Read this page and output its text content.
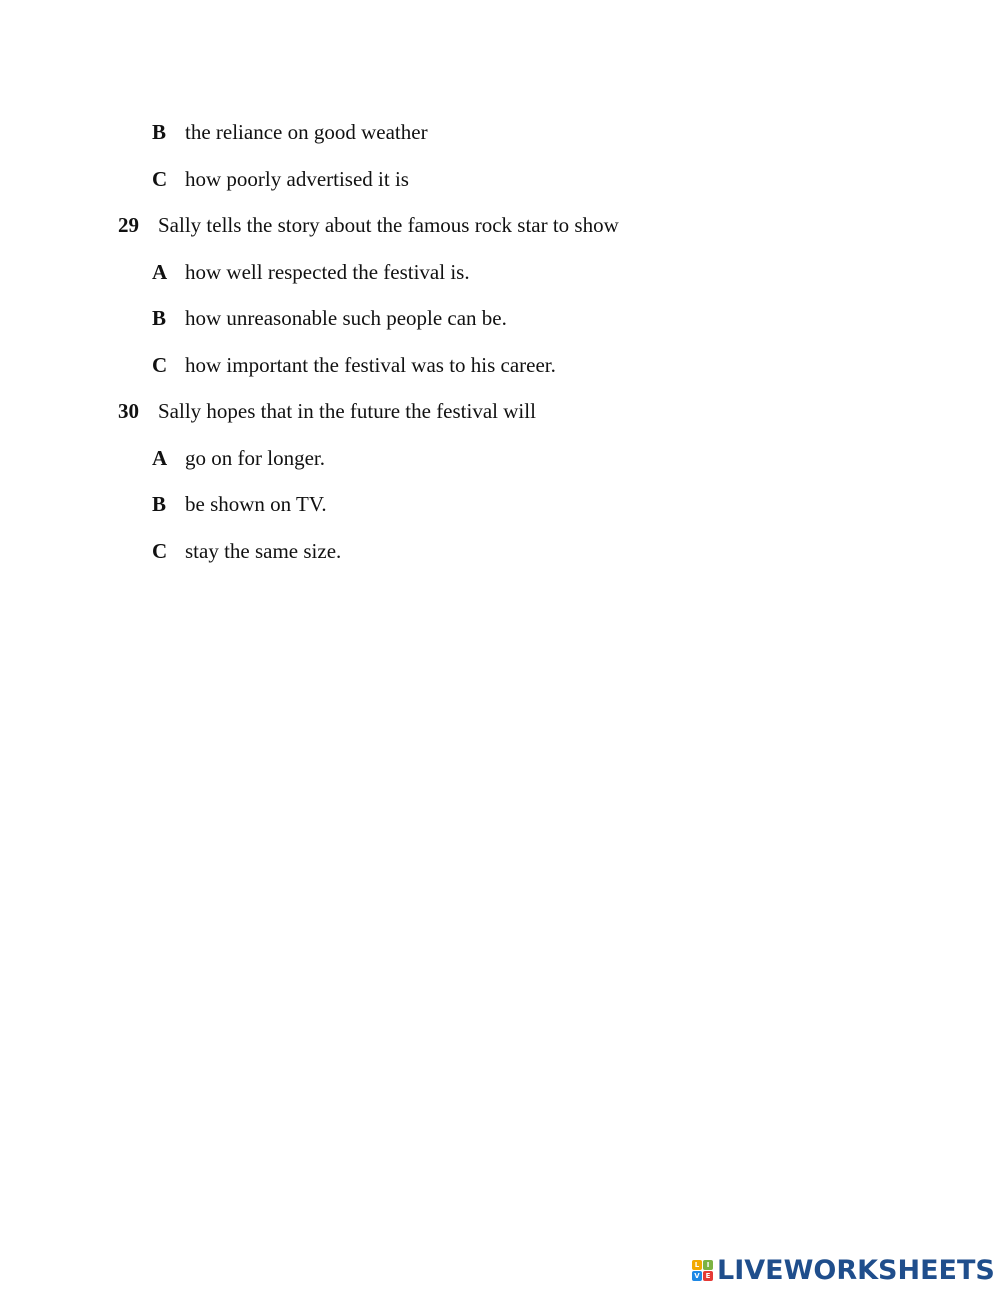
B the reliance on good weather
C how poorly advertised it is
29 Sally tells the story about the famous rock star to show
A how well respected the festival is.
B how unreasonable such people can be.
C how important the festival was to his career.
30 Sally hopes that in the future the festival will
A go on for longer.
B be shown on TV.
C stay the same size.
L	I
V E LIVEWORKSHEETS
